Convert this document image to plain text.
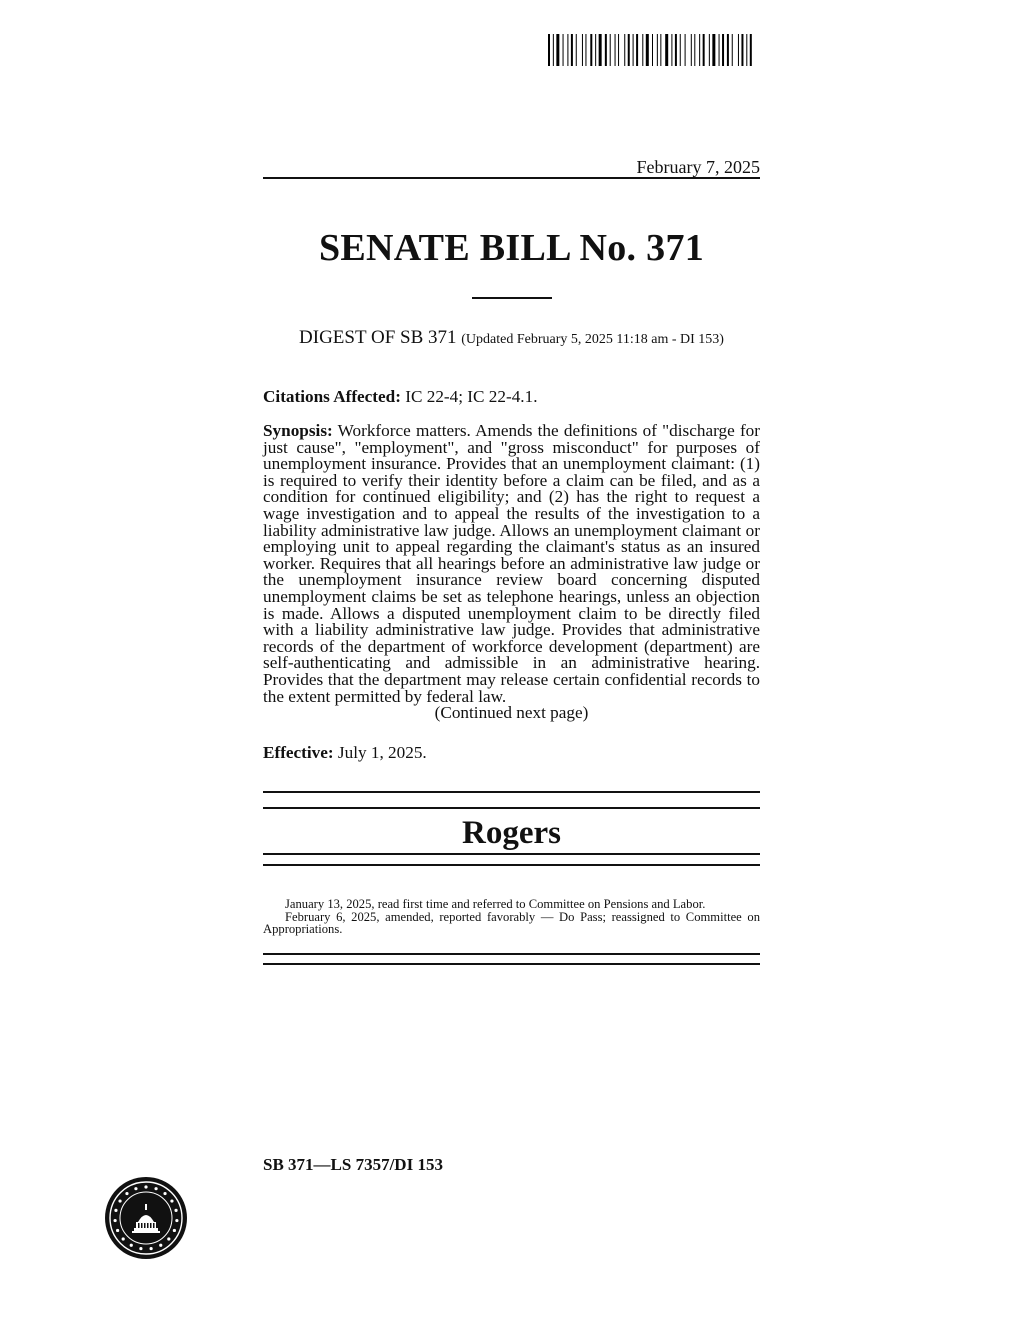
February 7, 2025
SENATE BILL No. 371
DIGEST OF SB 371 (Updated February 5, 2025 11:18 am - DI 153)
Citations Affected: IC 22-4; IC 22-4.1.
Synopsis: Workforce matters. Amends the definitions of "discharge for just cause", "employment", and "gross misconduct" for purposes of unemployment insurance. Provides that an unemployment claimant: (1) is required to verify their identity before a claim can be filed, and as a condition for continued eligibility; and (2) has the right to request a wage investigation and to appeal the results of the investigation to a liability administrative law judge. Allows an unemployment claimant or employing unit to appeal regarding the claimant's status as an insured worker. Requires that all hearings before an administrative law judge or the unemployment insurance review board concerning disputed unemployment claims be set as telephone hearings, unless an objection is made. Allows a disputed unemployment claim to be directly filed with a liability administrative law judge. Provides that administrative records of the department of workforce development (department) are self-authenticating and admissible in an administrative hearing. Provides that the department may release certain confidential records to the extent permitted by federal law.
(Continued next page)
Effective: July 1, 2025.
Rogers

January 13, 2025, read first time and referred to Committee on Pensions and Labor.

February 6, 2025, amended, reported favorably — Do Pass; reassigned to Committee on Appropriations.

SB 371—LS 7357/DI 153
